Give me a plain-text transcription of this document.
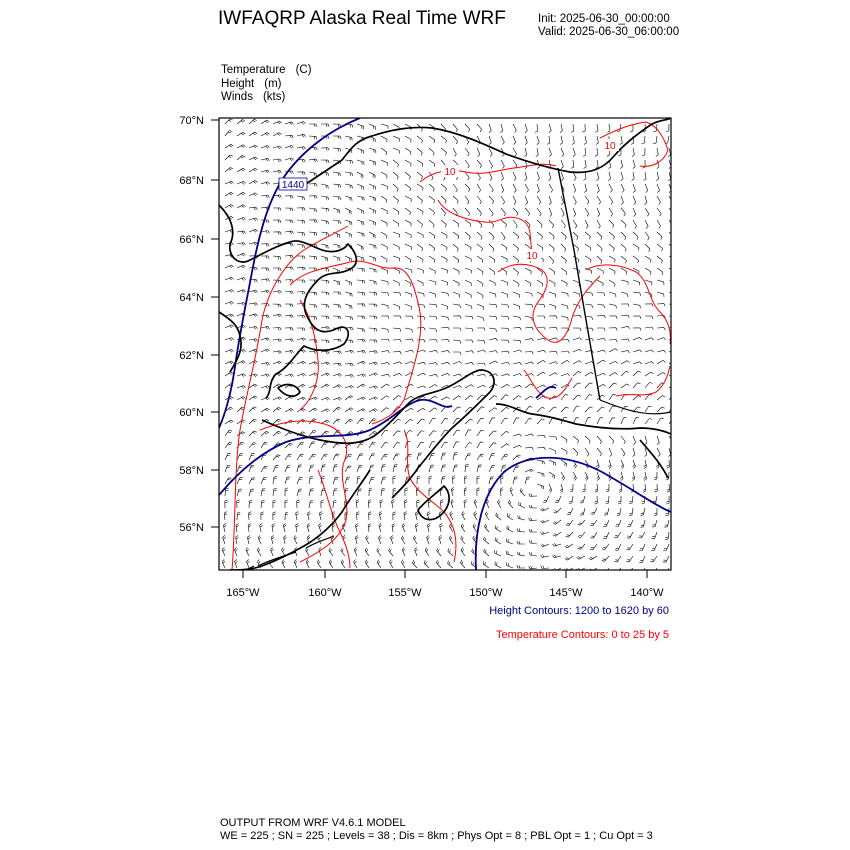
IWFAQRP Alaska Real Time WRF	Init: 2025-06-30_00:00:00
Valid: 2025-06-30_06:00:00
Temperature (C)
Height (m)
Winds (kts)
1440
10
10
10
70°N
68°N
66°N
64°N
62°N
60°N
58°N
56°N
165°W	160°W	155°W	150°W	145°W	140°W
Height Contours: 1200 to 1620 by 60
Temperature Contours: 0 to 25 by 5
OUTPUT FROM WRF V4.6.1 MODEL
WE = 225 ; SN = 225 ; Levels = 38 ; Dis = 8km ; Phys Opt = 8 ; PBL Opt = 1 ; Cu Opt = 3
